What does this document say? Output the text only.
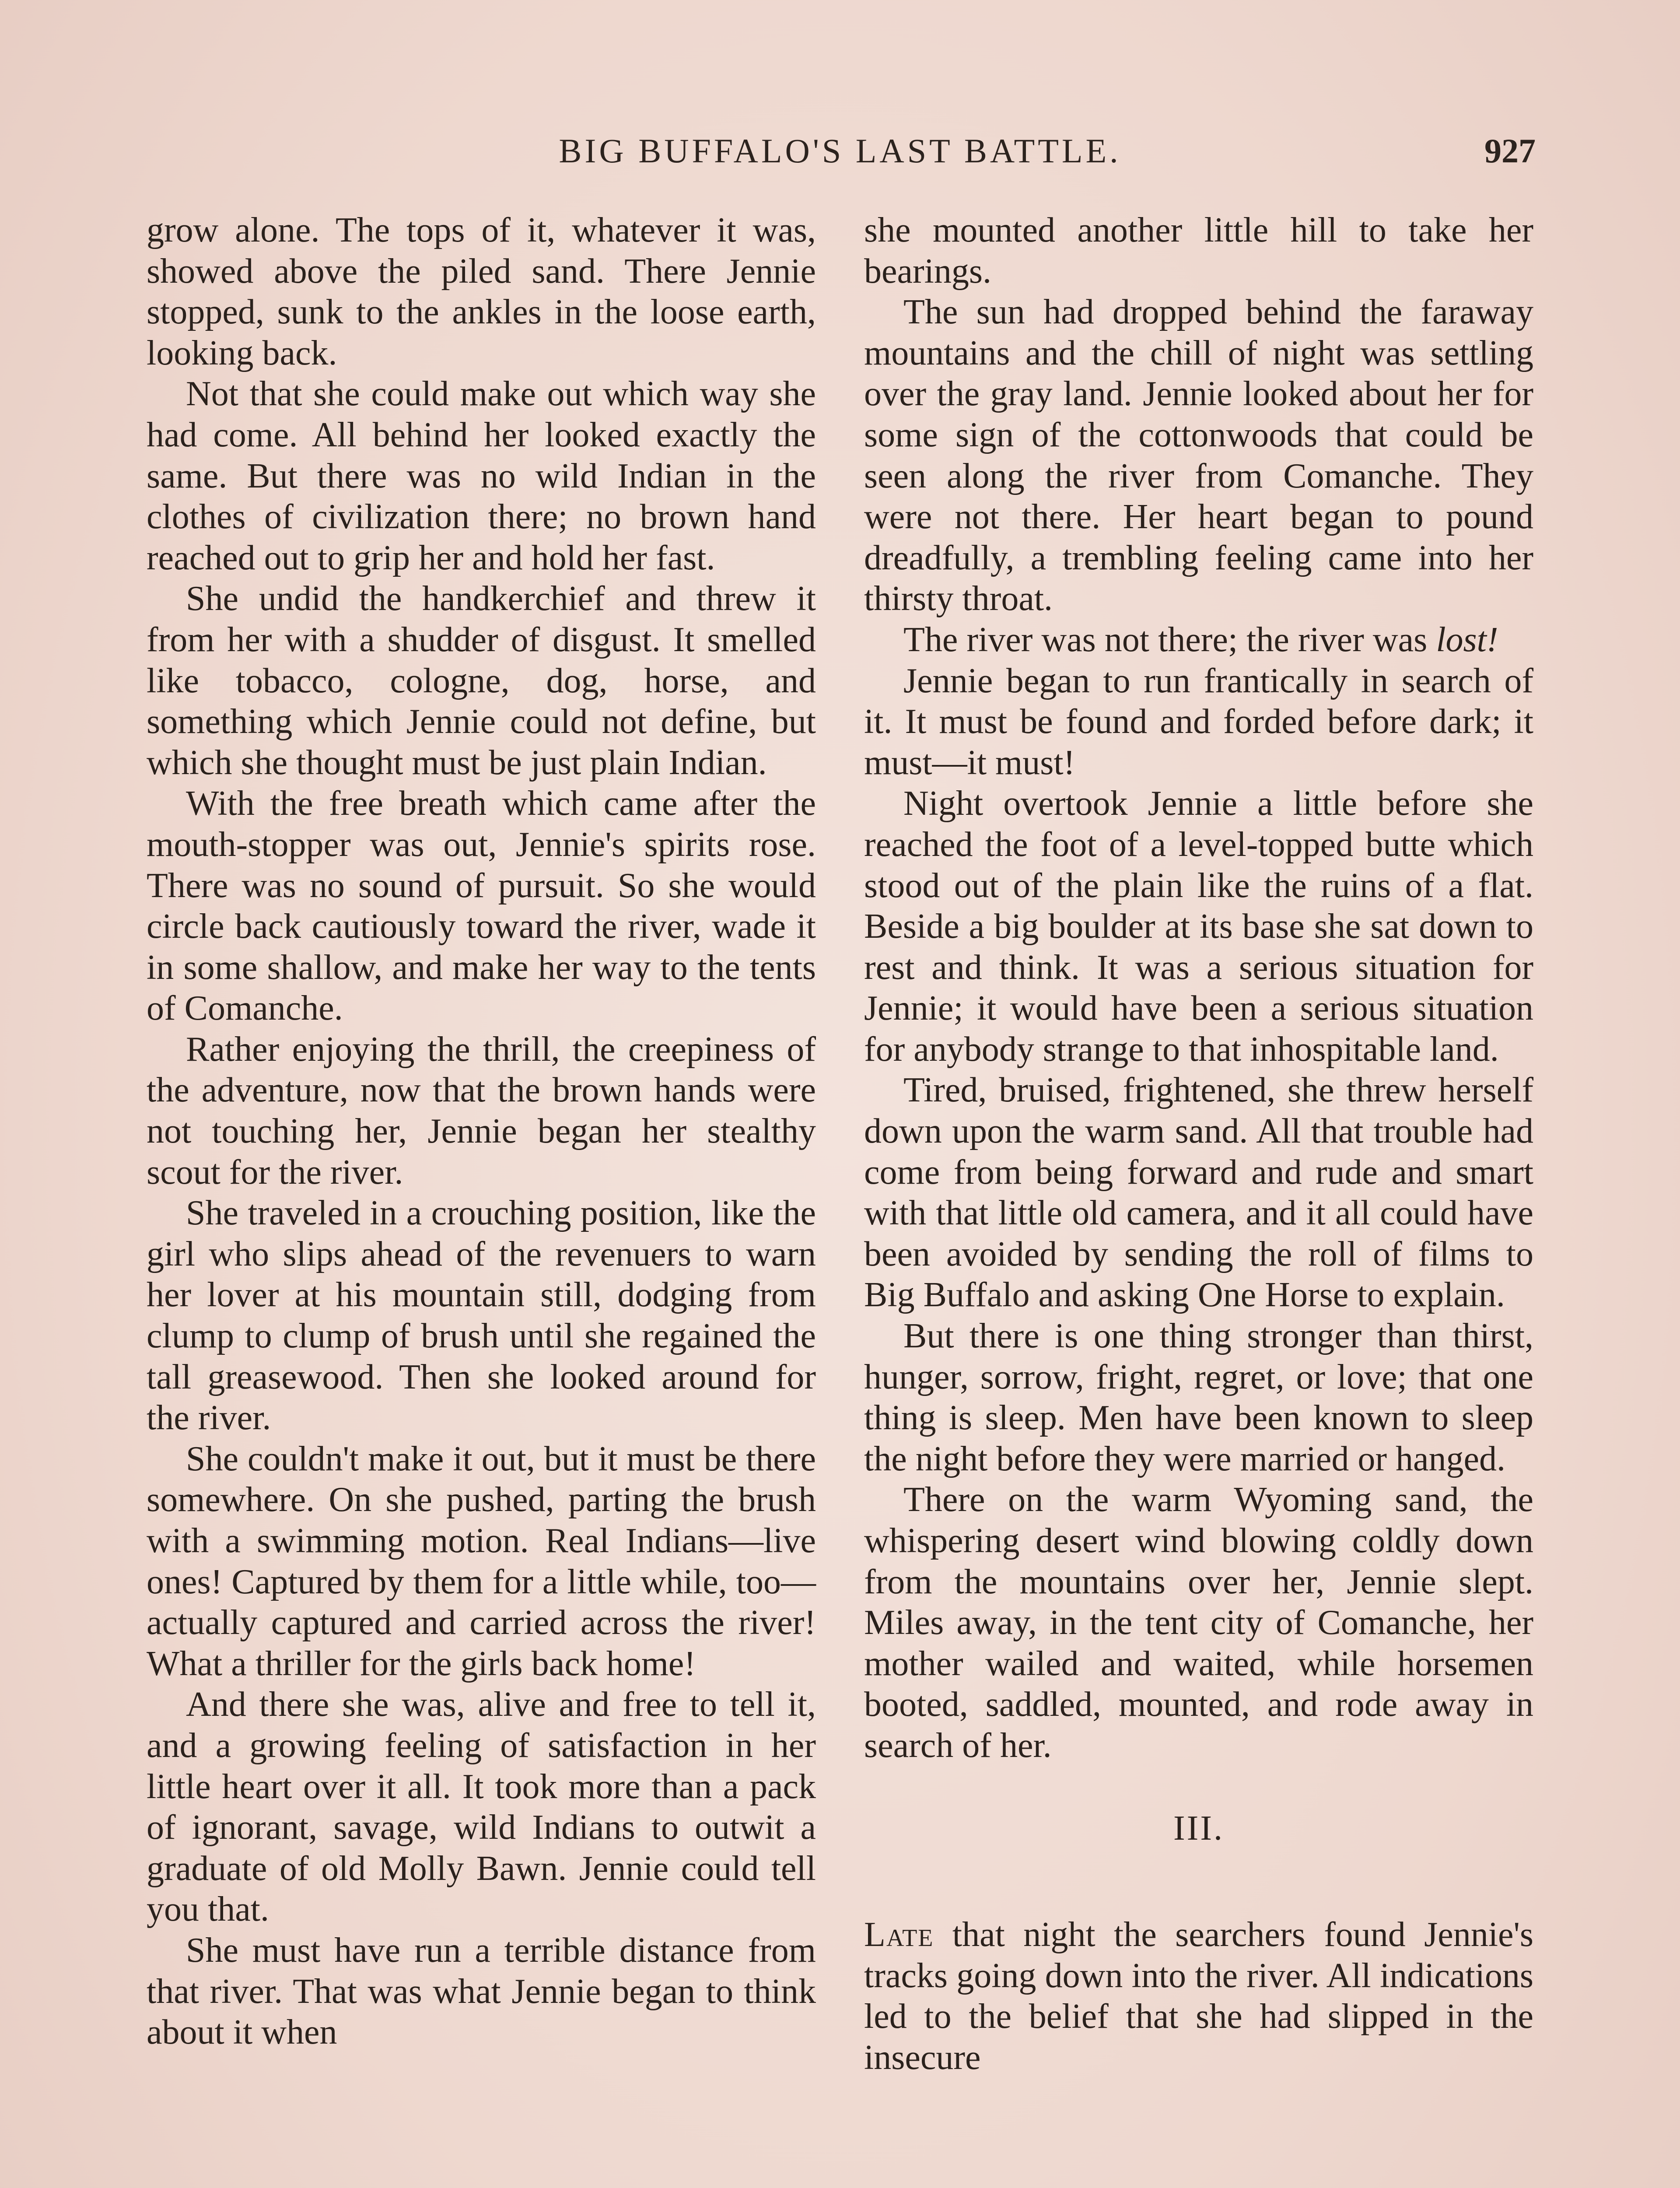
BIG BUFFALO'S LAST BATTLE.	927

grow alone. The tops of it, whatever it was, showed above the piled sand. There Jennie stopped, sunk to the ankles in the loose earth, looking back.

Not that she could make out which way she had come. All behind her looked exactly the same. But there was no wild Indian in the clothes of civilization there; no brown hand reached out to grip her and hold her fast.

She undid the handkerchief and threw it from her with a shudder of disgust. It smelled like tobacco, cologne, dog, horse, and something which Jennie could not define, but which she thought must be just plain Indian.

With the free breath which came after the mouth-stopper was out, Jennie's spirits rose. There was no sound of pursuit. So she would circle back cautiously toward the river, wade it in some shallow, and make her way to the tents of Comanche.

Rather enjoying the thrill, the creepiness of the adventure, now that the brown hands were not touching her, Jennie began her stealthy scout for the river.

She traveled in a crouching position, like the girl who slips ahead of the revenuers to warn her lover at his mountain still, dodging from clump to clump of brush until she regained the tall greasewood. Then she looked around for the river.

She couldn't make it out, but it must be there somewhere. On she pushed, parting the brush with a swimming motion. Real Indians—live ones! Captured by them for a little while, too—actually captured and carried across the river! What a thriller for the girls back home!

And there she was, alive and free to tell it, and a growing feeling of satisfaction in her little heart over it all. It took more than a pack of ignorant, savage, wild Indians to outwit a graduate of old Molly Bawn. Jennie could tell you that.

She must have run a terrible distance from that river. That was what Jennie began to think about it when

she mounted another little hill to take her bearings.

The sun had dropped behind the faraway mountains and the chill of night was settling over the gray land. Jennie looked about her for some sign of the cottonwoods that could be seen along the river from Comanche. They were not there. Her heart began to pound dreadfully, a trembling feeling came into her thirsty throat.

The river was not there; the river was lost!

Jennie began to run frantically in search of it. It must be found and forded before dark; it must—it must!

Night overtook Jennie a little before she reached the foot of a level-topped butte which stood out of the plain like the ruins of a flat. Beside a big boulder at its base she sat down to rest and think. It was a serious situation for Jennie; it would have been a serious situation for anybody strange to that inhospitable land.

Tired, bruised, frightened, she threw herself down upon the warm sand. All that trouble had come from being forward and rude and smart with that little old camera, and it all could have been avoided by sending the roll of films to Big Buffalo and asking One Horse to explain.

But there is one thing stronger than thirst, hunger, sorrow, fright, regret, or love; that one thing is sleep. Men have been known to sleep the night before they were married or hanged.

There on the warm Wyoming sand, the whispering desert wind blowing coldly down from the mountains over her, Jennie slept. Miles away, in the tent city of Comanche, her mother wailed and waited, while horsemen booted, saddled, mounted, and rode away in search of her.

III.

Late that night the searchers found Jennie's tracks going down into the river. All indications led to the belief that she had slipped in the insecure
